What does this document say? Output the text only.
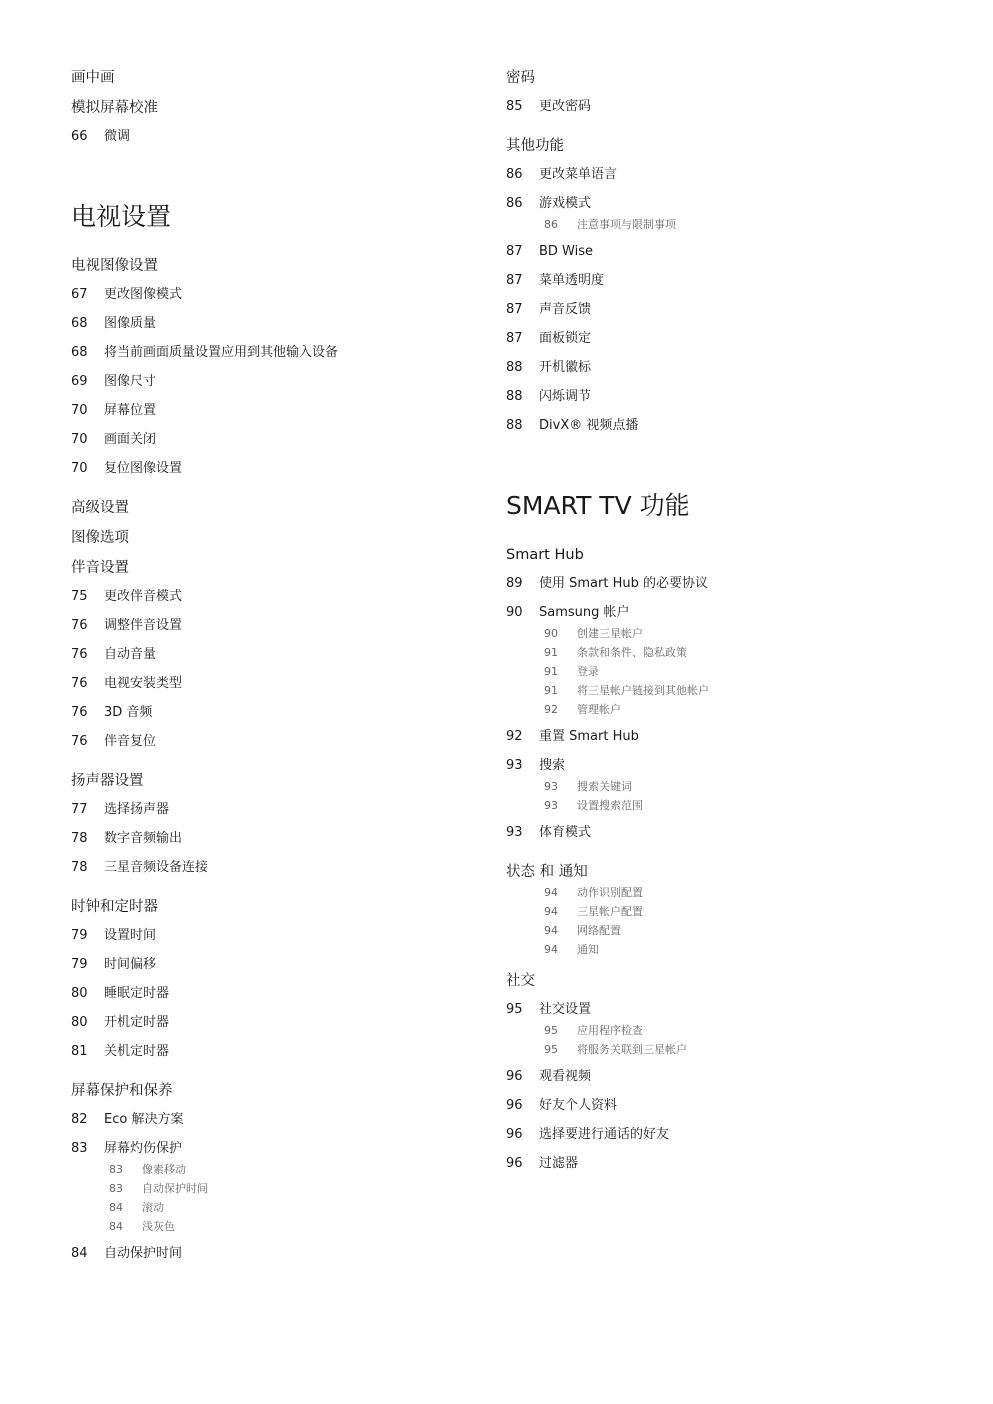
画中画
模拟屏幕校准
66 微调
电视设置
电视图像设置
67 更改图像模式
68 图像质量
68 将当前画面质量设置应用到其他输入设备
69 图像尺寸
70 屏幕位置
70 画面关闭
70 复位图像设置
高级设置
图像选项
伴音设置
75 更改伴音模式
76 调整伴音设置
76 自动音量
76 电视安装类型
76 3D 音频
76 伴音复位
扬声器设置
77 选择扬声器
78 数字音频输出
78 三星音频设备连接
时钟和定时器
79 设置时间
79 时间偏移
80 睡眠定时器
80 开机定时器
81 关机定时器
屏幕保护和保养
82 Eco 解决方案
83 屏幕灼伤保护
83 像素移动
83 自动保护时间
84 滚动
84 浅灰色
84 自动保护时间
密码
85 更改密码
其他功能
86 更改菜单语言
86 游戏模式
86 注意事项与限制事项
87 BD Wise
87 菜单透明度
87 声音反馈
87 面板锁定
88 开机徽标
88 闪烁调节
88 DivX® 视频点播
SMART TV 功能
Smart Hub
89 使用 Smart Hub 的必要协议
90 Samsung 帐户
90 创建三星帐户
91 条款和条件、隐私政策
91 登录
91 将三星帐户链接到其他帐户
92 管理帐户
92 重置 Smart Hub
93 搜索
93 搜索关键词
93 设置搜索范围
93 体育模式
状态 和 通知
94 动作识别配置
94 三星帐户配置
94 网络配置
94 通知
社交
95 社交设置
95 应用程序检查
95 将服务关联到三星帐户
96 观看视频
96 好友个人资料
96 选择要进行通话的好友
96 过滤器
